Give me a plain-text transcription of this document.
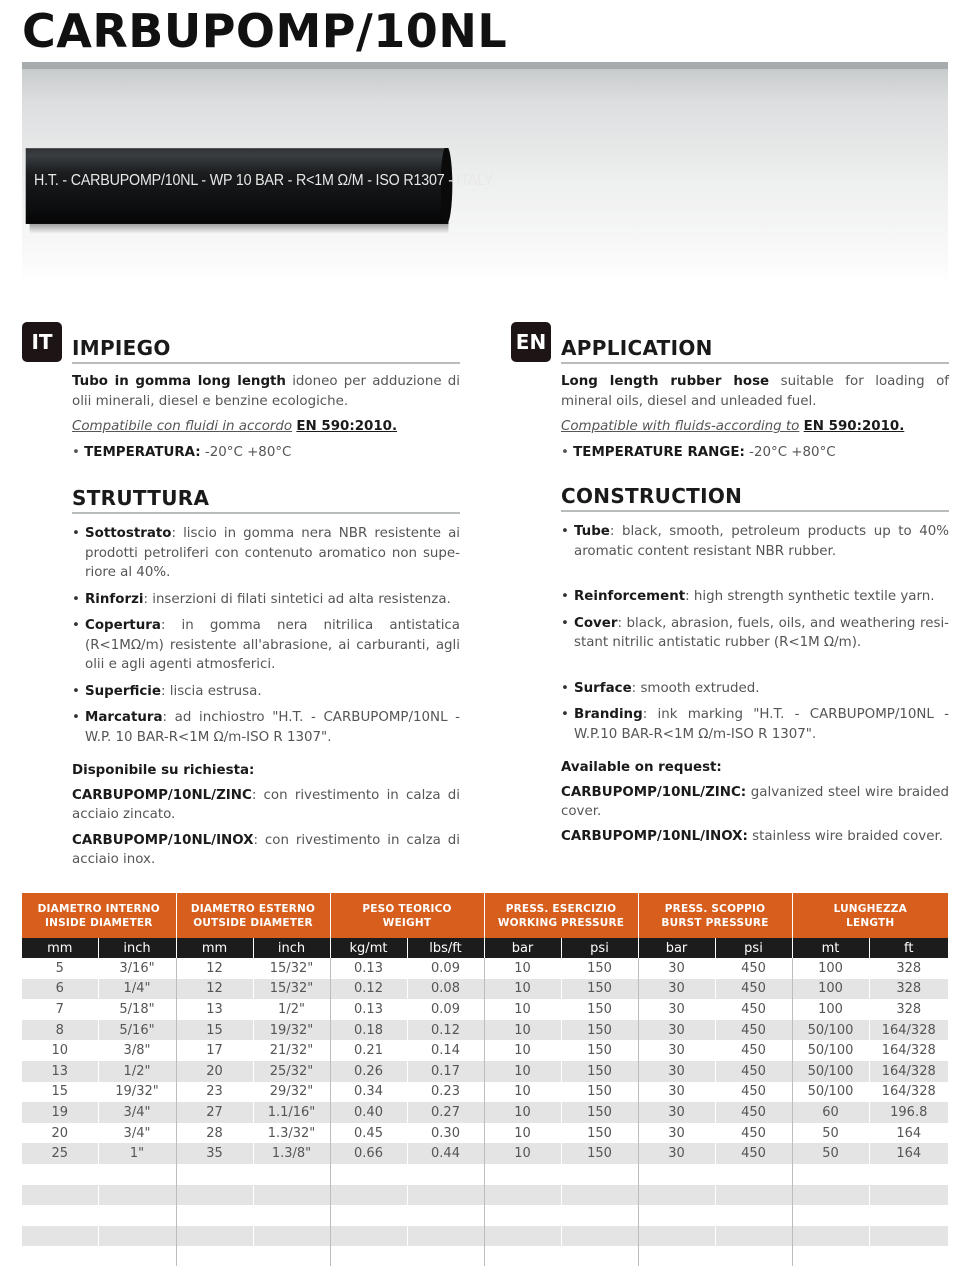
CARBUPOMP/10NL
H.T. - CARBUPOMP/10NL - WP 10 BAR - R<1M Ω/M - ISO R1307 - ITALY
IT IMPIEGO
Tubo in gomma long length idoneo per adduzione di olii minerali, diesel e benzine ecologiche.
Compatibile con fluidi in accordo EN 590:2010.
• TEMPERATURA: -20°C +80°C
STRUTTURA
• Sottostrato: liscio in gomma nera NBR resistente ai prodotti petroliferi con contenuto aromatico non supe-riore al 40%.
• Rinforzi: inserzioni di filati sintetici ad alta resistenza.
• Copertura: in gomma nera nitrilica antistatica (R<1MΩ/m) resistente all'abrasione, ai carburanti, agli olii e agli agenti atmosferici.
• Superficie: liscia estrusa.
• Marcatura: ad inchiostro "H.T. - CARBUPOMP/10NL - W.P. 10 BAR-R<1M Ω/m-ISO R 1307".
Disponibile su richiesta:
CARBUPOMP/10NL/ZINC: con rivestimento in calza di acciaio zincato.
CARBUPOMP/10NL/INOX: con rivestimento in calza di acciaio inox.
EN APPLICATION
Long length rubber hose suitable for loading of mineral oils, diesel and unleaded fuel.
Compatible with fluids-according to EN 590:2010.
• TEMPERATURE RANGE: -20°C +80°C
CONSTRUCTION
• Tube: black, smooth, petroleum products up to 40% aromatic content resistant NBR rubber.
• Reinforcement: high strength synthetic textile yarn.
• Cover: black, abrasion, fuels, oils, and weathering resi-stant nitrilic antistatic rubber (R<1M Ω/m).
• Surface: smooth extruded.
• Branding: ink marking "H.T. - CARBUPOMP/10NL - W.P.10 BAR-R<1M Ω/m-ISO R 1307".
Available on request:
CARBUPOMP/10NL/ZINC: galvanized steel wire braided cover.
CARBUPOMP/10NL/INOX: stainless wire braided cover.
DIAMETRO INTERNO
INSIDE DIAMETER		DIAMETRO ESTERNO
OUTSIDE DIAMETER		PESO TEORICO
WEIGHT		PRESS. ESERCIZIO
WORKING PRESSURE		PRESS. SCOPPIO
BURST PRESSURE		LUNGHEZZA
LENGTH	
mm	inch	mm	inch	kg/mt	lbs/ft	bar	psi	bar	psi	mt	ft
5	3/16"	12	15/32"	0.13	0.09	10	150	30	450	100	328
6	1/4"	12	15/32"	0.12	0.08	10	150	30	450	100	328
7	5/18"	13	1/2"	0.13	0.09	10	150	30	450	100	328
8	5/16"	15	19/32"	0.18	0.12	10	150	30	450	50/100	164/328
10	3/8"	17	21/32"	0.21	0.14	10	150	30	450	50/100	164/328
13	1/2"	20	25/32"	0.26	0.17	10	150	30	450	50/100	164/328
15	19/32"	23	29/32"	0.34	0.23	10	150	30	450	50/100	164/328
19	3/4"	27	1.1/16"	0.40	0.27	10	150	30	450	60	196.8
20	3/4"	28	1.3/32"	0.45	0.30	10	150	30	450	50	164
25	1"	35	1.3/8"	0.66	0.44	10	150	30	450	50	164
